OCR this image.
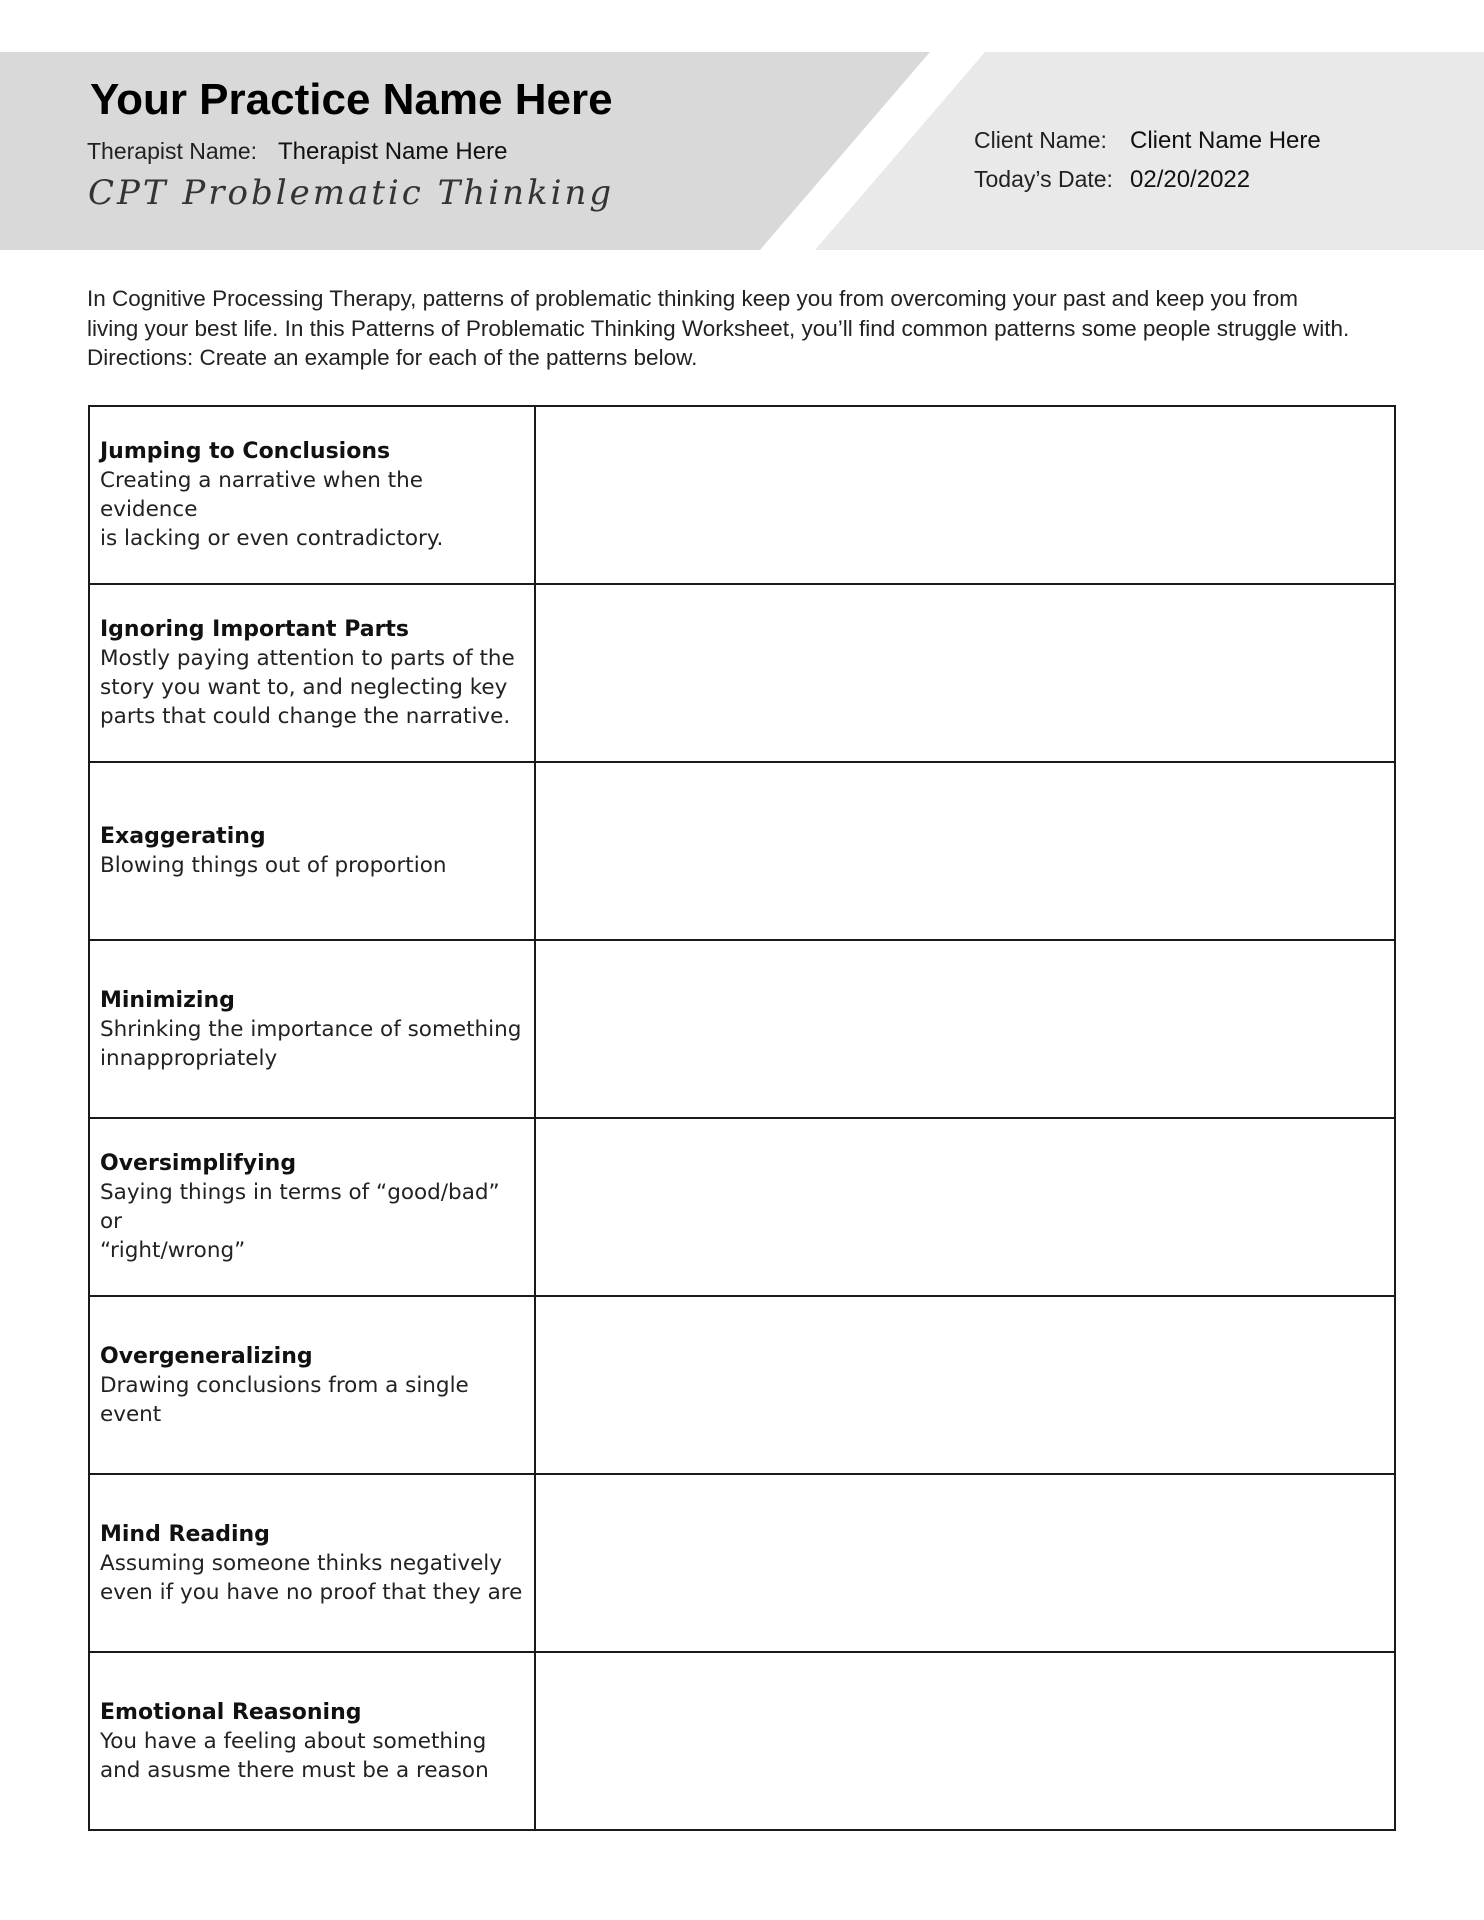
Your Practice Name Here
Therapist Name: Therapist Name Here
CPT Problematic Thinking
Client Name: Client Name Here
Today’s Date: 02/20/2022

In Cognitive Processing Therapy, patterns of problematic thinking keep you from overcoming your past and keep you from

living your best life. In this Patterns of Problematic Thinking Worksheet, you’ll find common patterns some people struggle with.

Directions: Create an example for each of the patterns below.

Jumping to Conclusions
Creating a narrative when the evidence
is lacking or even contradictory.
Ignoring Important Parts
Mostly paying attention to parts of the
story you want to, and neglecting key
parts that could change the narrative.
Exaggerating
Blowing things out of proportion
Minimizing
Shrinking the importance of something
innappropriately
Oversimplifying
Saying things in terms of “good/bad” or
“right/wrong”
Overgeneralizing
Drawing conclusions from a single
event
Mind Reading
Assuming someone thinks negatively
even if you have no proof that they are
Emotional Reasoning
You have a feeling about something
and asusme there must be a reason
